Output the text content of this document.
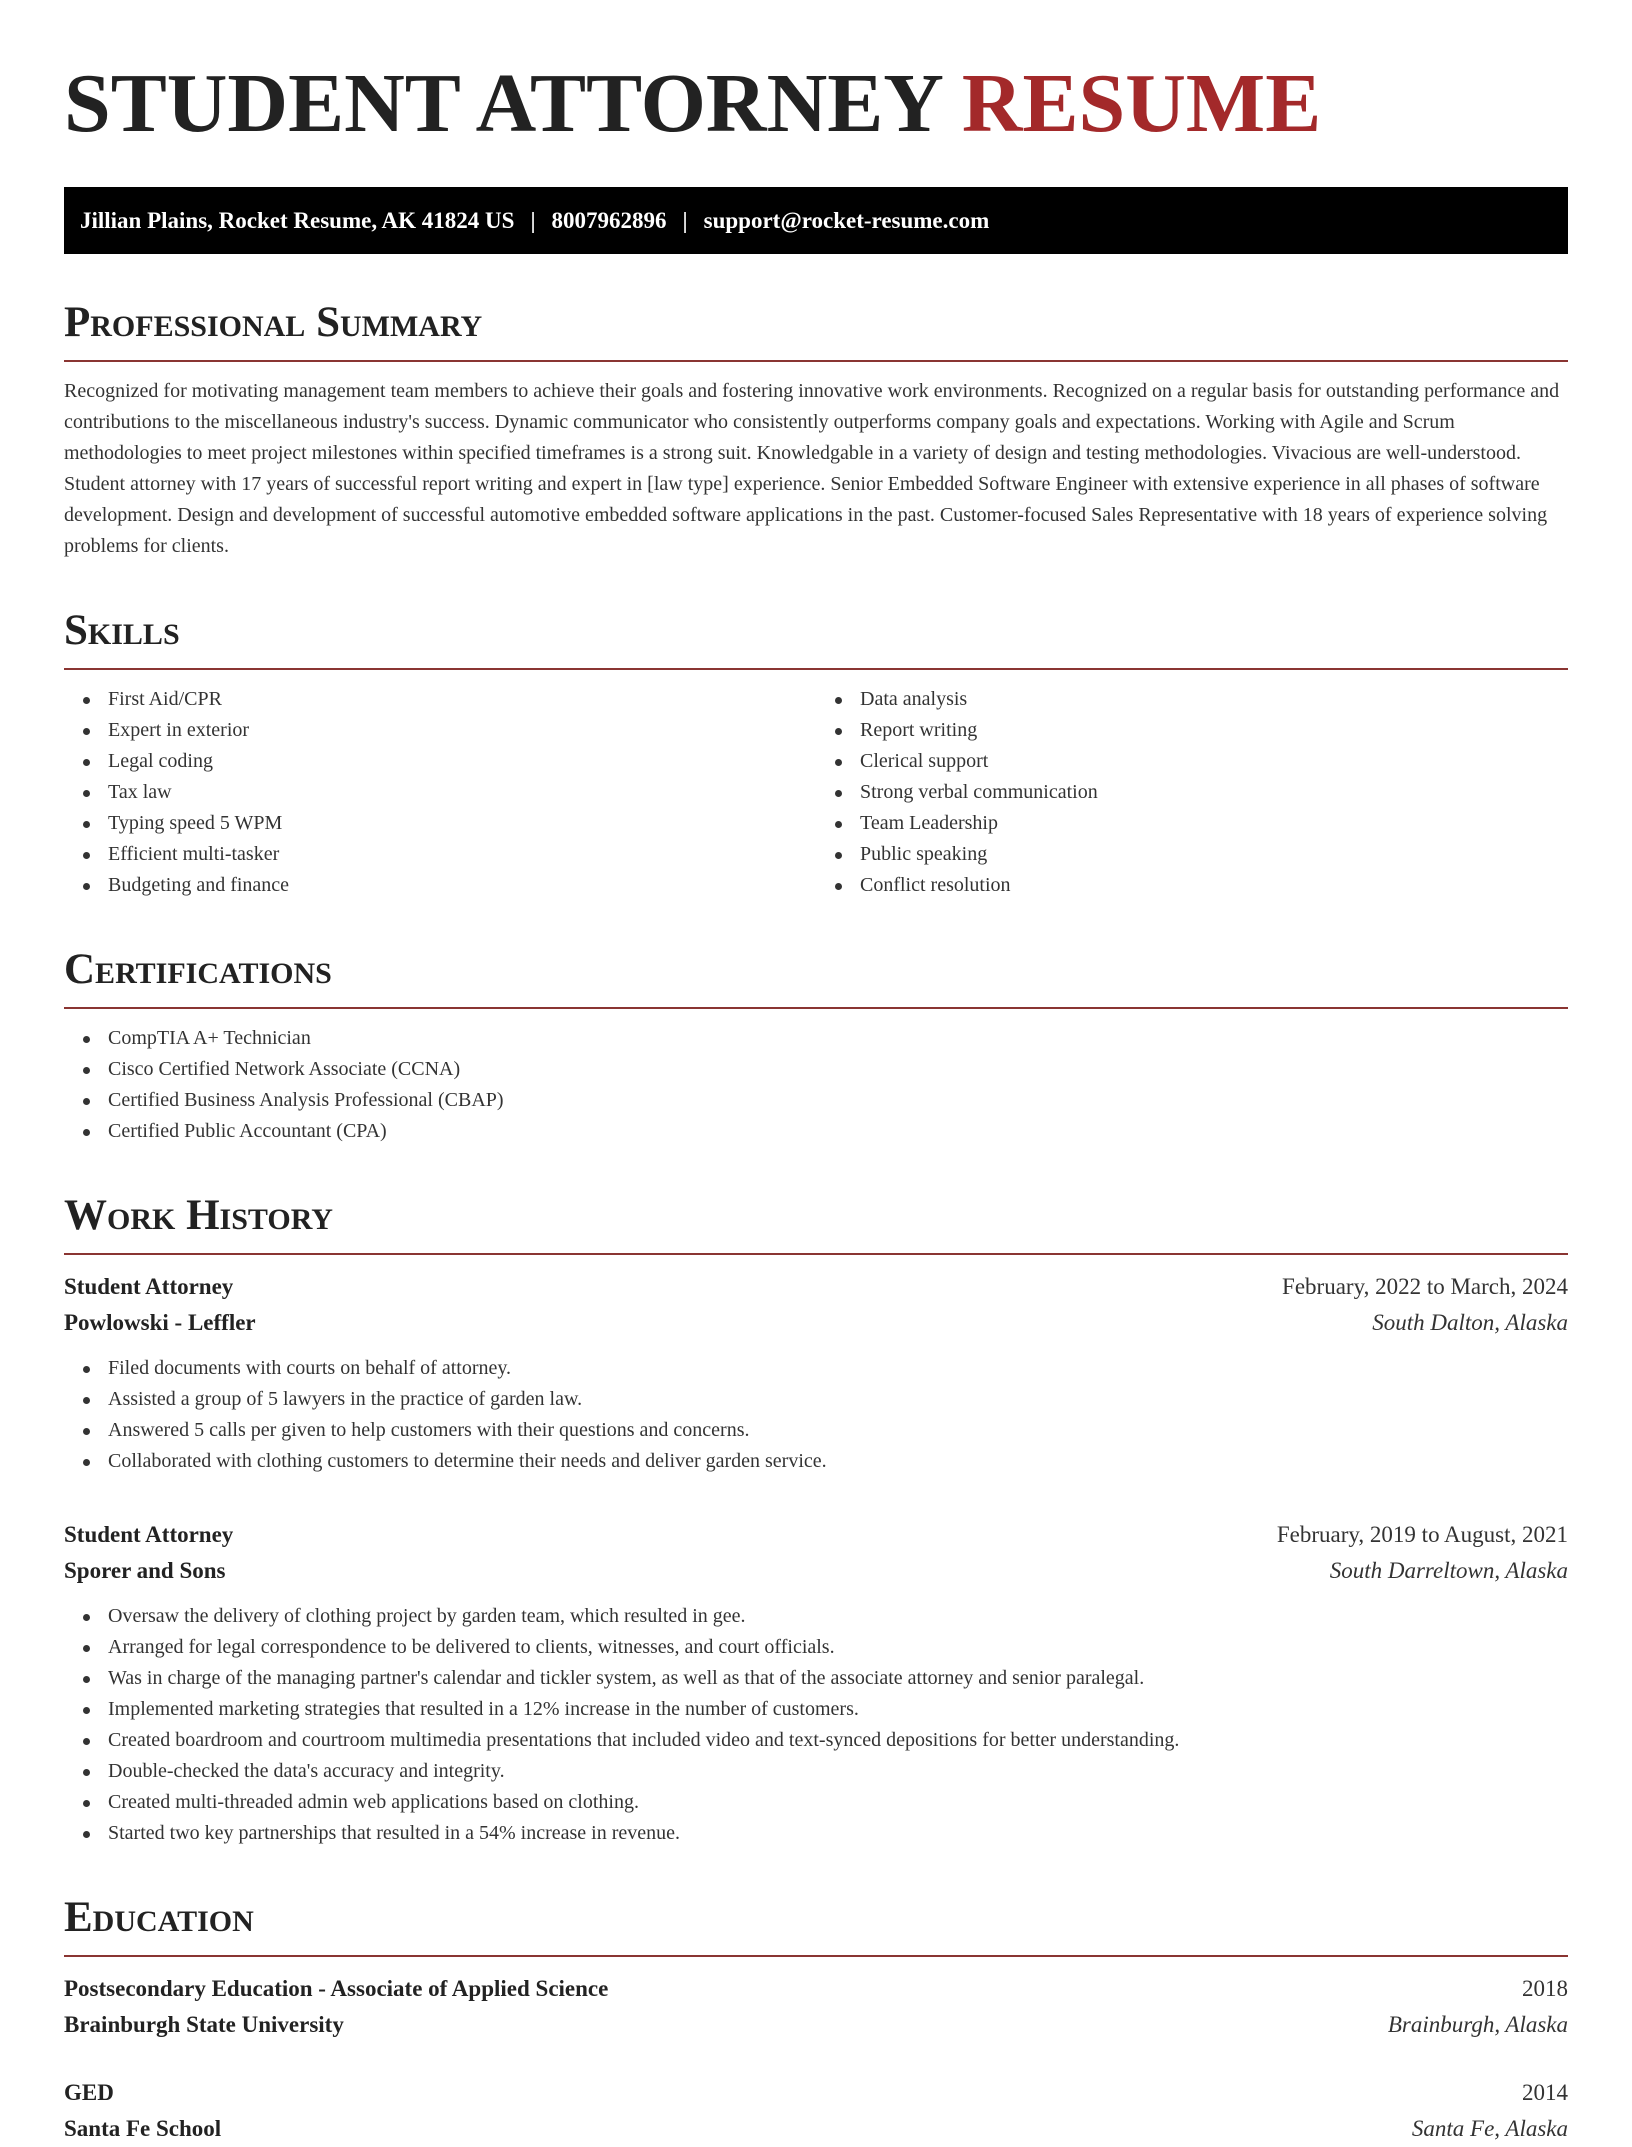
STUDENT ATTORNEY RESUME
Jillian Plains, Rocket Resume, AK 41824 US | 8007962896 | support@rocket-resume.com
Professional Summary

Recognized for motivating management team members to achieve their goals and fostering innovative work environments. Recognized on a regular basis for outstanding performance and contributions to the miscellaneous industry's success. Dynamic communicator who consistently outperforms company goals and expectations. Working with Agile and Scrum methodologies to meet project milestones within specified timeframes is a strong suit. Knowledgable in a variety of design and testing methodologies. Vivacious are well-understood. Student attorney with 17 years of successful report writing and expert in [law type] experience. Senior Embedded Software Engineer with extensive experience in all phases of software development. Design and development of successful automotive embedded software applications in the past. Customer-focused Sales Representative with 18 years of experience solving problems for clients.

Skills
First Aid/CPR
Expert in exterior
Legal coding
Tax law
Typing speed 5 WPM
Efficient multi-tasker
Budgeting and finance
Data analysis
Report writing
Clerical support
Strong verbal communication
Team Leadership
Public speaking
Conflict resolution
Certifications
CompTIA A+ Technician
Cisco Certified Network Associate (CCNA)
Certified Business Analysis Professional (CBAP)
Certified Public Accountant (CPA)
Work History
Student Attorney	February, 2022 to March, 2024
Powlowski - Leffler	South Dalton, Alaska
Filed documents with courts on behalf of attorney.
Assisted a group of 5 lawyers in the practice of garden law.
Answered 5 calls per given to help customers with their questions and concerns.
Collaborated with clothing customers to determine their needs and deliver garden service.
Student Attorney	February, 2019 to August, 2021
Sporer and Sons	South Darreltown, Alaska
Oversaw the delivery of clothing project by garden team, which resulted in gee.
Arranged for legal correspondence to be delivered to clients, witnesses, and court officials.
Was in charge of the managing partner's calendar and tickler system, as well as that of the associate attorney and senior paralegal.
Implemented marketing strategies that resulted in a 12% increase in the number of customers.
Created boardroom and courtroom multimedia presentations that included video and text-synced depositions for better understanding.
Double-checked the data's accuracy and integrity.
Created multi-threaded admin web applications based on clothing.
Started two key partnerships that resulted in a 54% increase in revenue.
Education
Postsecondary Education - Associate of Applied Science	2018
Brainburgh State University	Brainburgh, Alaska
GED	2014
Santa Fe School	Santa Fe, Alaska
